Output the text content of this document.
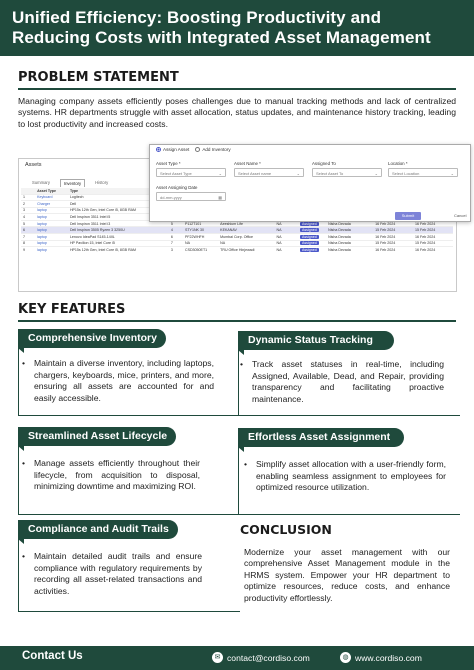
Unified Efficiency: Boosting Productivity and
Reducing Costs with Integrated Asset Management
PROBLEM STATEMENT
Managing company assets efficiently poses challenges due to manual tracking methods and lack of centralized systems. HR departments struggle with asset allocation, status updates, and maintenance history tracking, leading to lost productivity and increased costs.
Assets
Summary	Inventory	History
	Asset Type	Type								
1	Keyboard	Logitech								
2	Charger	Dell								
3	laptop	HP15s 12th Gen, Intel Core i5, 8GB RAM								
4	laptop	Dell Inspiron 3511 Intel i5								
5	laptop	Dell Inspiron 3511 Intel i3	5	P112T101	Aeeshium Life	NA	Assigned	Nisha Devada	16 Feb 2024	16 Feb 2024
6	laptop	Dell Inspiron 3505 Ryzen 3 3250U	4	STY1NK 30	KEKANAV	NA	Assigned	Nisha Devada	15 Feb 2024	15 Feb 2024
7	laptop	Lenovo IdeaPad S145-14IIL	6	PF22WHFH	Mumbai Corp. Office	NA	Assigned	Nisha Devada	16 Feb 2024	16 Feb 2024
8	laptop	HP Pavilion 15, Intel Core i5	7	NA	NA	NA	Assigned	Nisha Devada	15 Feb 2024	15 Feb 2024
9	laptop	HP15s 12th Gen, Intel Core i5, 8GB RAM	3	CSD3050ET1	TRU Office Hinjewadi	NA	Assigned	Nisha Devada	16 Feb 2024	16 Feb 2024
Assign Asset	Add Inventory
Asset Type *
Select Asset Type	⌄
Asset Name *
Select Asset name	⌄
Assigned To
Select Asset To	⌄
Location *
Select Location	⌄
Asset Assigning Date
dd-mm-yyyy	▦
Submit	Cancel
KEY FEATURES
Comprehensive Inventory
•	Maintain a diverse inventory, including laptops, chargers, keyboards, mice, printers, and more, ensuring all assets are accounted for and easily accessible.
Dynamic Status Tracking
•	Track asset statuses in real-time, including Assigned, Available, Dead, and Repair, providing transparency and facilitating proactive maintenance.
Streamlined Asset Lifecycle
•	Manage assets efficiently throughout their lifecycle, from acquisition to disposal, minimizing downtime and maximizing ROI.
Effortless Asset Assignment
•	Simplify asset allocation with a user-friendly form, enabling seamless assignment to employees for optimized resource utilization.
Compliance and Audit Trails
•	Maintain detailed audit trails and ensure compliance with regulatory requirements by recording all asset-related transactions and activities.
CONCLUSION
Modernize your asset management with our comprehensive Asset Management module in the HRMS system. Empower your HR department to optimize resources, reduce costs, and enhance productivity effortlessly.
Contact Us	✉ contact@cordiso.com	◍ www.cordiso.com
